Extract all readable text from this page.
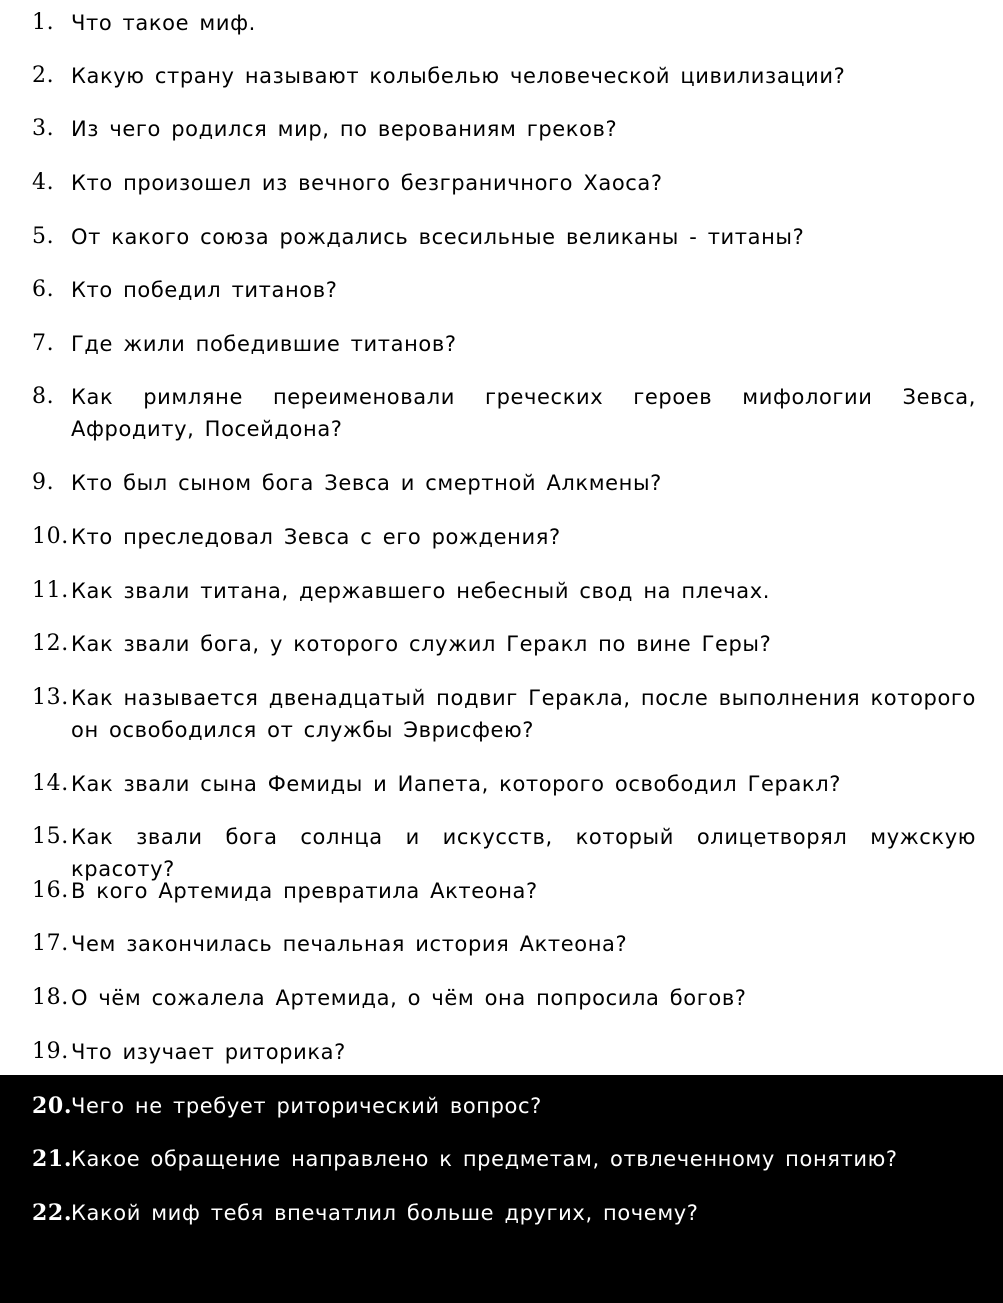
1. Что такое миф.
2. Какую страну называют колыбелью человеческой цивилизации?
3. Из чего родился мир, по верованиям греков?
4. Кто произошел из вечного безграничного Хаоса?
5. От какого союза рождались всесильные великаны - титаны?
6. Кто победил титанов?
7. Где жили победившие титанов?
8. Как римляне переименовали греческих героев мифологии Зевса, Афродиту, Посейдона?
9. Кто был сыном бога Зевса и смертной Алкмены?
10. Кто преследовал Зевса с его рождения?
11. Как звали титана, державшего небесный свод на плечах.
12. Как звали бога, у которого служил Геракл по вине Геры?
13. Как называется двенадцатый подвиг Геракла, после выполнения которого он освободился от службы Эврисфею?
14. Как звали сына Фемиды и Иапета, которого освободил Геракл?
15. Как звали бога солнца и искусств, который олицетворял мужскую красоту?
16. В кого Артемида превратила Актеона?
17. Чем закончилась печальная история Актеона?
18. О чём сожалела Артемида, о чём она попросила богов?
19. Что изучает риторика?
20.
Чего не требует риторический вопрос?
21.
Какое обращение направлено к предметам, отвлеченному понятию?
22.
Какой миф тебя впечатлил больше других, почему?
